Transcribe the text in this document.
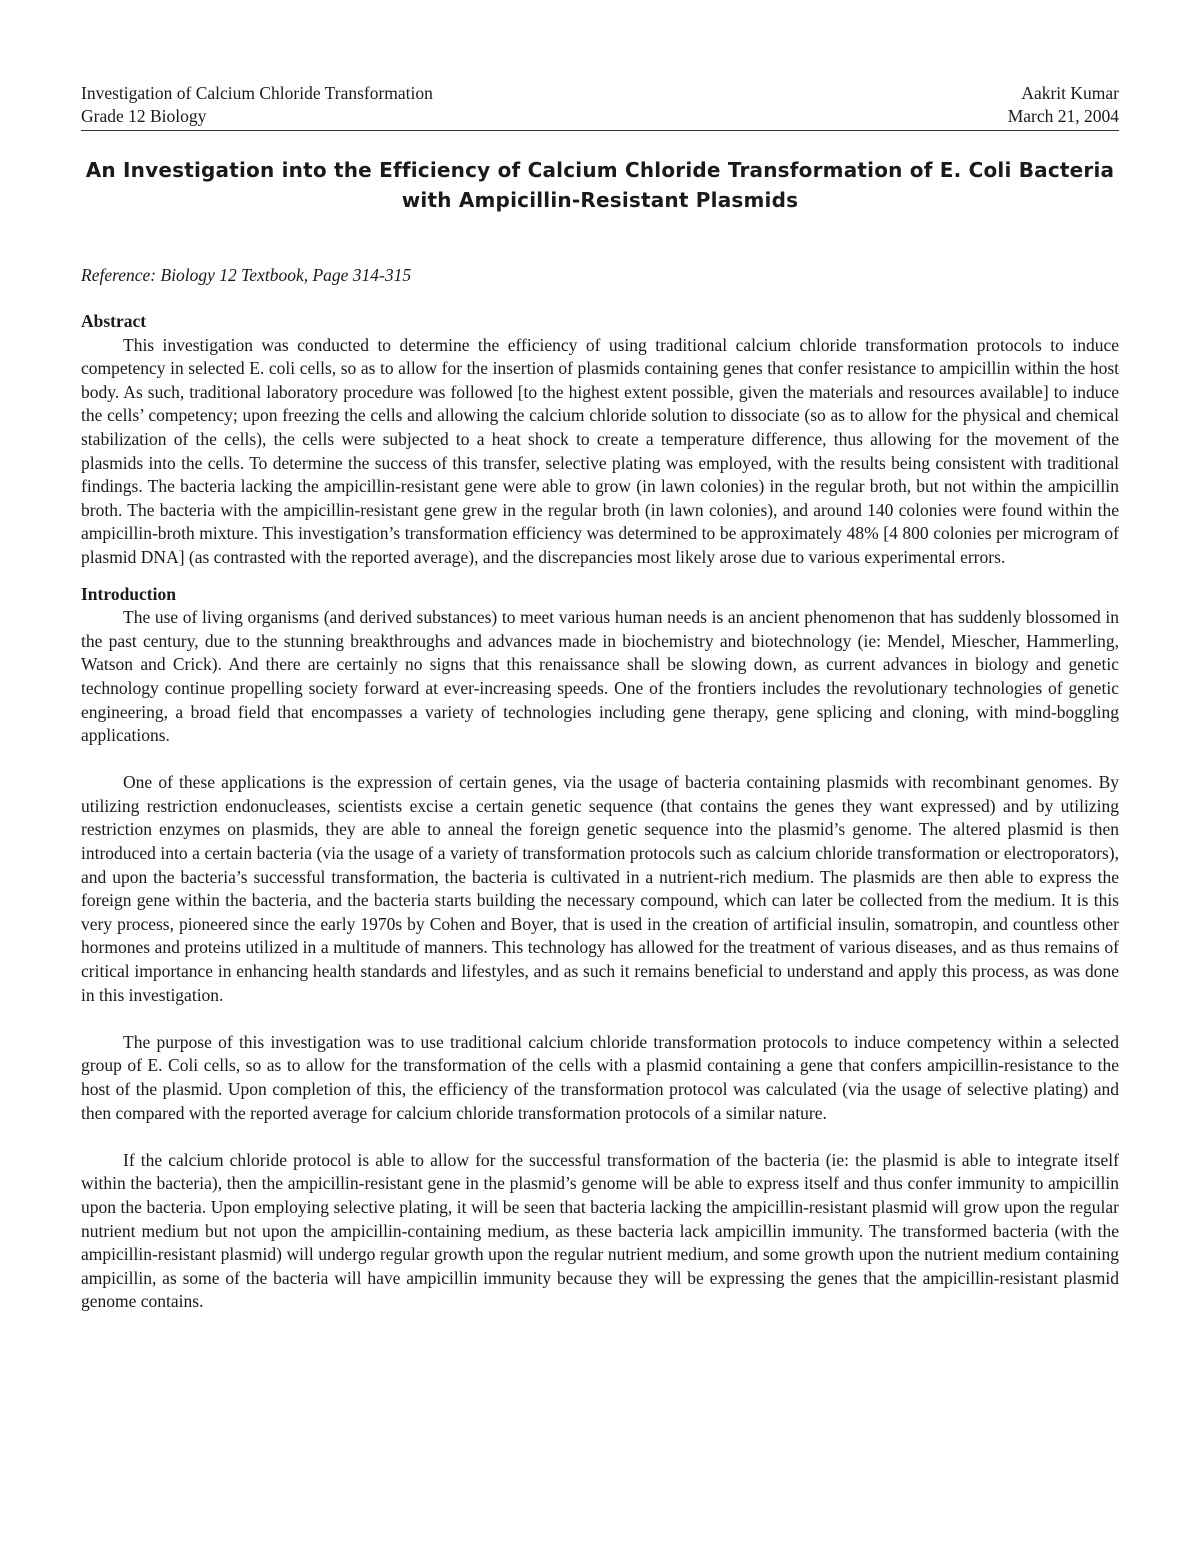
Investigation of Calcium Chloride Transformation	Aakrit Kumar
Grade 12 Biology	March 21, 2004
An Investigation into the Efficiency of Calcium Chloride Transformation of E. Coli Bacteria
with Ampicillin-Resistant Plasmids
Reference: Biology 12 Textbook, Page 314-315
Abstract

This investigation was conducted to determine the efficiency of using traditional calcium chloride transformation protocols to induce competency in selected E. coli cells, so as to allow for the insertion of plasmids containing genes that confer resistance to ampicillin within the host body. As such, traditional laboratory procedure was followed [to the highest extent possible, given the materials and resources available] to induce the cells’ competency; upon freezing the cells and allowing the calcium chloride solution to dissociate (so as to allow for the physical and chemical stabilization of the cells), the cells were subjected to a heat shock to create a temperature difference, thus allowing for the movement of the plasmids into the cells. To determine the success of this transfer, selective plating was employed, with the results being consistent with traditional findings. The bacteria lacking the ampicillin-resistant gene were able to grow (in lawn colonies) in the regular broth, but not within the ampicillin broth. The bacteria with the ampicillin-resistant gene grew in the regular broth (in lawn colonies), and around 140 colonies were found within the ampicillin-broth mixture. This investigation’s transformation efficiency was determined to be approximately 48% [4 800 colonies per microgram of plasmid DNA] (as contrasted with the reported average), and the discrepancies most likely arose due to various experimental errors.

Introduction

The use of living organisms (and derived substances) to meet various human needs is an ancient phenomenon that has suddenly blossomed in the past century, due to the stunning breakthroughs and advances made in biochemistry and biotechnology (ie: Mendel, Miescher, Hammerling, Watson and Crick). And there are certainly no signs that this renaissance shall be slowing down, as current advances in biology and genetic technology continue propelling society forward at ever-increasing speeds. One of the frontiers includes the revolutionary technologies of genetic engineering, a broad field that encompasses a variety of technologies including gene therapy, gene splicing and cloning, with mind-boggling applications.

One of these applications is the expression of certain genes, via the usage of bacteria containing plasmids with recombinant genomes. By utilizing restriction endonucleases, scientists excise a certain genetic sequence (that contains the genes they want expressed) and by utilizing restriction enzymes on plasmids, they are able to anneal the foreign genetic sequence into the plasmid’s genome. The altered plasmid is then introduced into a certain bacteria (via the usage of a variety of transformation protocols such as calcium chloride transformation or electroporators), and upon the bacteria’s successful transformation, the bacteria is cultivated in a nutrient-rich medium. The plasmids are then able to express the foreign gene within the bacteria, and the bacteria starts building the necessary compound, which can later be collected from the medium. It is this very process, pioneered since the early 1970s by Cohen and Boyer, that is used in the creation of artificial insulin, somatropin, and countless other hormones and proteins utilized in a multitude of manners. This technology has allowed for the treatment of various diseases, and as thus remains of critical importance in enhancing health standards and lifestyles, and as such it remains beneficial to understand and apply this process, as was done in this investigation.

The purpose of this investigation was to use traditional calcium chloride transformation protocols to induce competency within a selected group of E. Coli cells, so as to allow for the transformation of the cells with a plasmid containing a gene that confers ampicillin-resistance to the host of the plasmid. Upon completion of this, the efficiency of the transformation protocol was calculated (via the usage of selective plating) and then compared with the reported average for calcium chloride transformation protocols of a similar nature.

If the calcium chloride protocol is able to allow for the successful transformation of the bacteria (ie: the plasmid is able to integrate itself within the bacteria), then the ampicillin-resistant gene in the plasmid’s genome will be able to express itself and thus confer immunity to ampicillin upon the bacteria. Upon employing selective plating, it will be seen that bacteria lacking the ampicillin-resistant plasmid will grow upon the regular nutrient medium but not upon the ampicillin-containing medium, as these bacteria lack ampicillin immunity. The transformed bacteria (with the ampicillin-resistant plasmid) will undergo regular growth upon the regular nutrient medium, and some growth upon the nutrient medium containing ampicillin, as some of the bacteria will have ampicillin immunity because they will be expressing the genes that the ampicillin-resistant plasmid genome contains.
